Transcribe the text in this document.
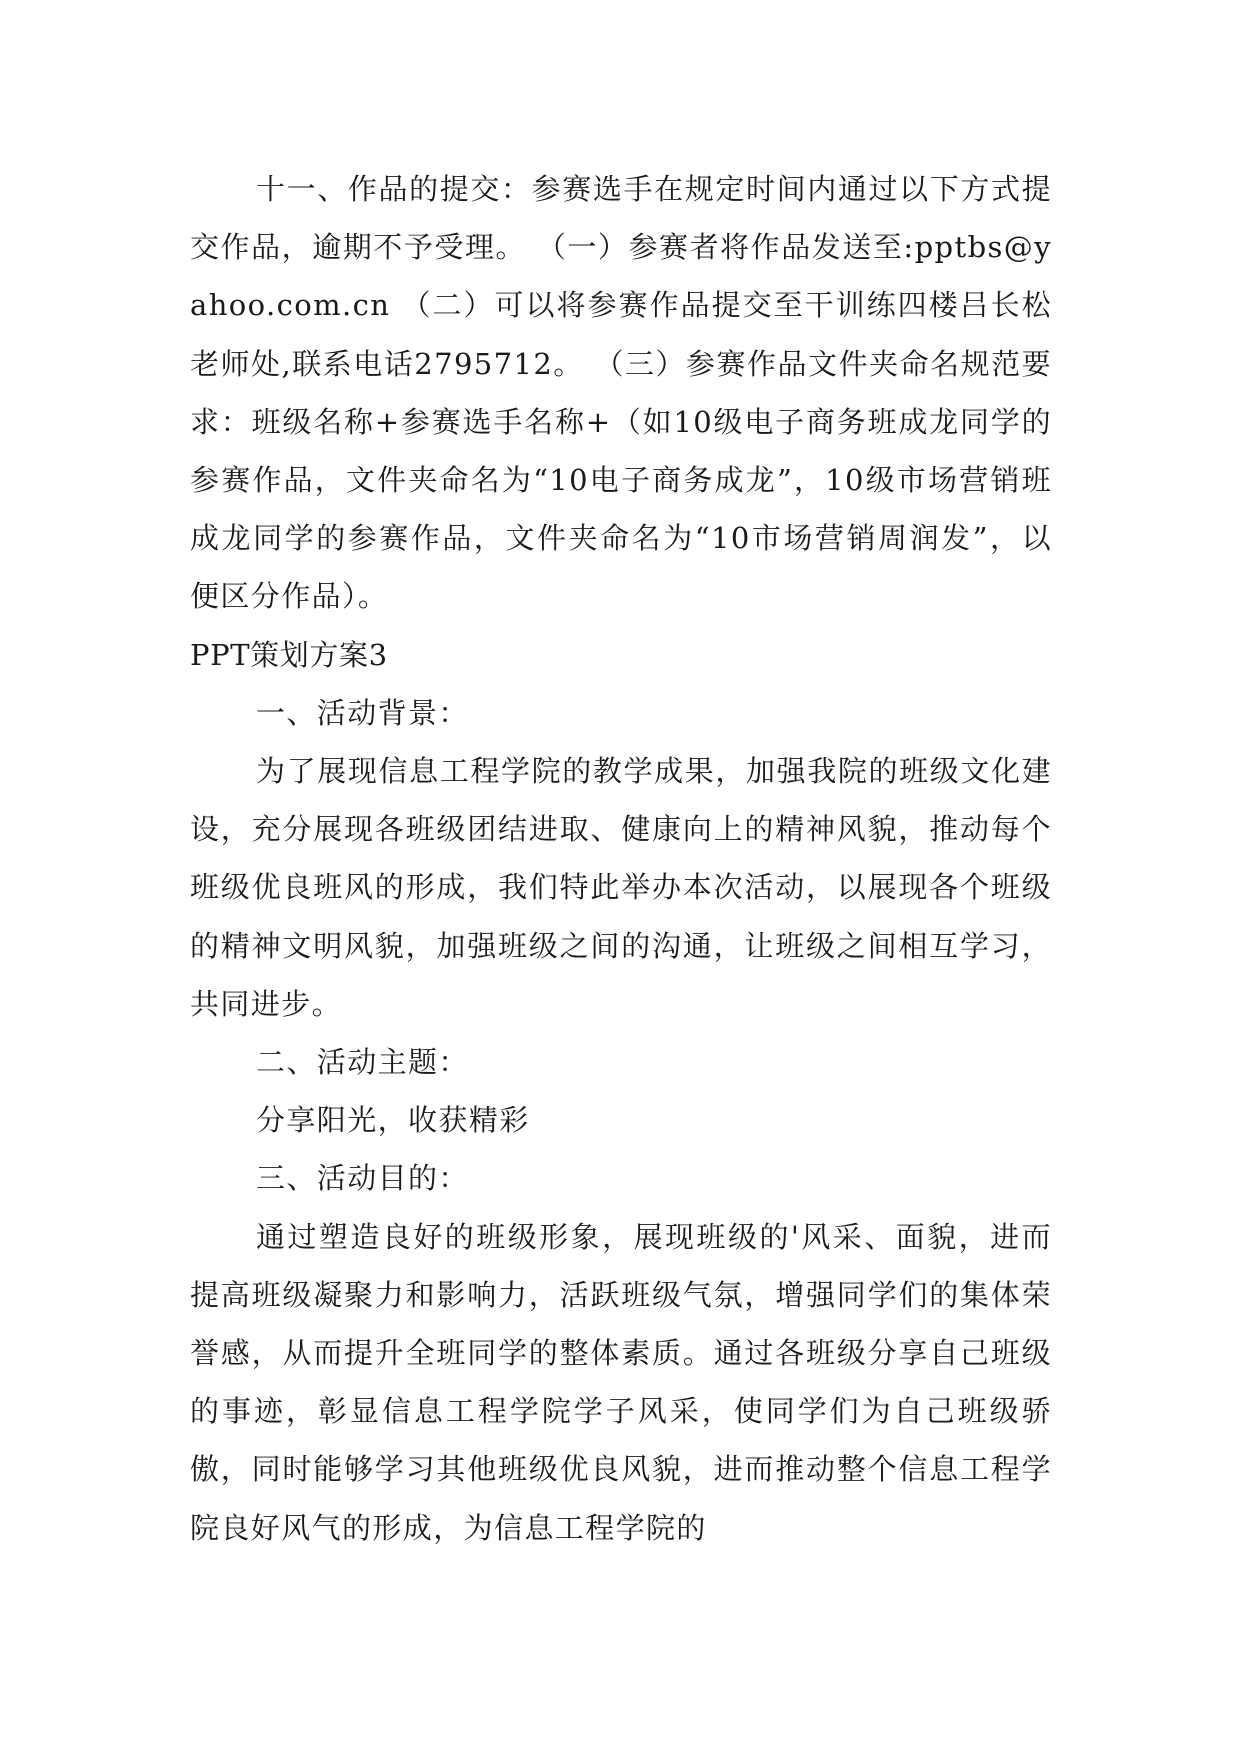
十一、作品的提交：参赛选手在规定时间内通过以下方式提交作品，逾期不予受理。 （一）参赛者将作品发送至:pptbs@yahoo.com.cn （二）可以将参赛作品提交至干训练四楼吕长松老师处,联系电话2795712。 （三）参赛作品文件夹命名规范要求：班级名称+参赛选手名称+（如10级电子商务班成龙同学的参赛作品，文件夹命名为“10电子商务成龙”，10级市场营销班成龙同学的参赛作品，文件夹命名为“10市场营销周润发”，以便区分作品）。

PPT策划方案3

一、活动背景：

为了展现信息工程学院的教学成果，加强我院的班级文化建设，充分展现各班级团结进取、健康向上的精神风貌，推动每个班级优良班风的形成，我们特此举办本次活动，以展现各个班级的精神文明风貌，加强班级之间的沟通，让班级之间相互学习，共同进步。

二、活动主题：

分享阳光，收获精彩

三、活动目的：

通过塑造良好的班级形象，展现班级的'风采、面貌，进而提高班级凝聚力和影响力，活跃班级气氛，增强同学们的集体荣誉感，从而提升全班同学的整体素质。通过各班级分享自己班级的事迹，彰显信息工程学院学子风采，使同学们为自己班级骄傲，同时能够学习其他班级优良风貌，进而推动整个信息工程学院良好风气的形成，为信息工程学院的
